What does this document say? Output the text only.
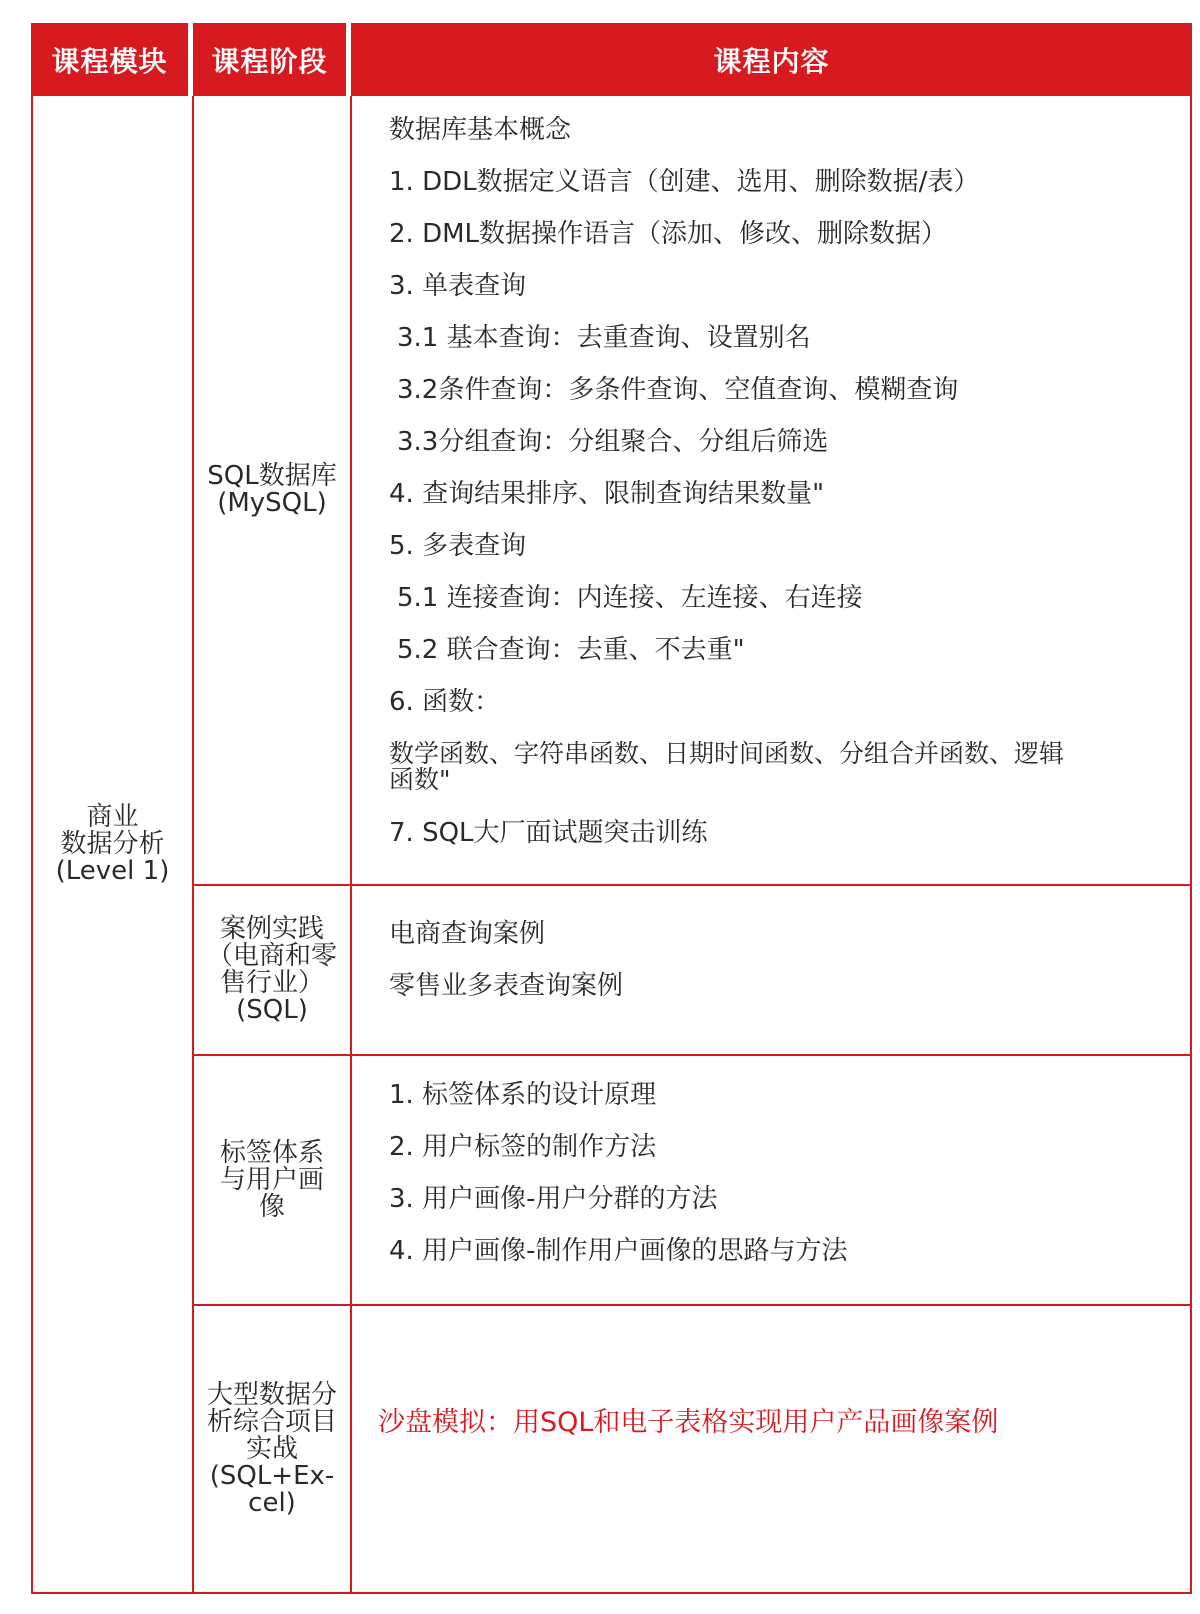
课程模块	课程阶段	课程内容
商业
数据分析
(Level 1)
SQL数据库
(MySQL)
案例实践
（电商和零
售行业）
(SQL)
标签体系
与用户画
像
大型数据分
析综合项目
实战
(SQL+Ex-
cel)
数据库基本概念
1. DDL数据定义语言（创建、选用、删除数据/表）
2. DML数据操作语言（添加、修改、删除数据）
3. 单表查询
3.1 基本查询：去重查询、设置别名
3.2条件查询：多条件查询、空值查询、模糊查询
3.3分组查询：分组聚合、分组后筛选
4. 查询结果排序、限制查询结果数量"
5. 多表查询
5.1 连接查询：内连接、左连接、右连接
5.2 联合查询：去重、不去重"
6. 函数：
数学函数、字符串函数、日期时间函数、分组合并函数、逻辑
函数"
7. SQL大厂面试题突击训练
电商查询案例
零售业多表查询案例
1. 标签体系的设计原理
2. 用户标签的制作方法
3. 用户画像-用户分群的方法
4. 用户画像-制作用户画像的思路与方法
沙盘模拟：用SQL和电子表格实现用户产品画像案例
